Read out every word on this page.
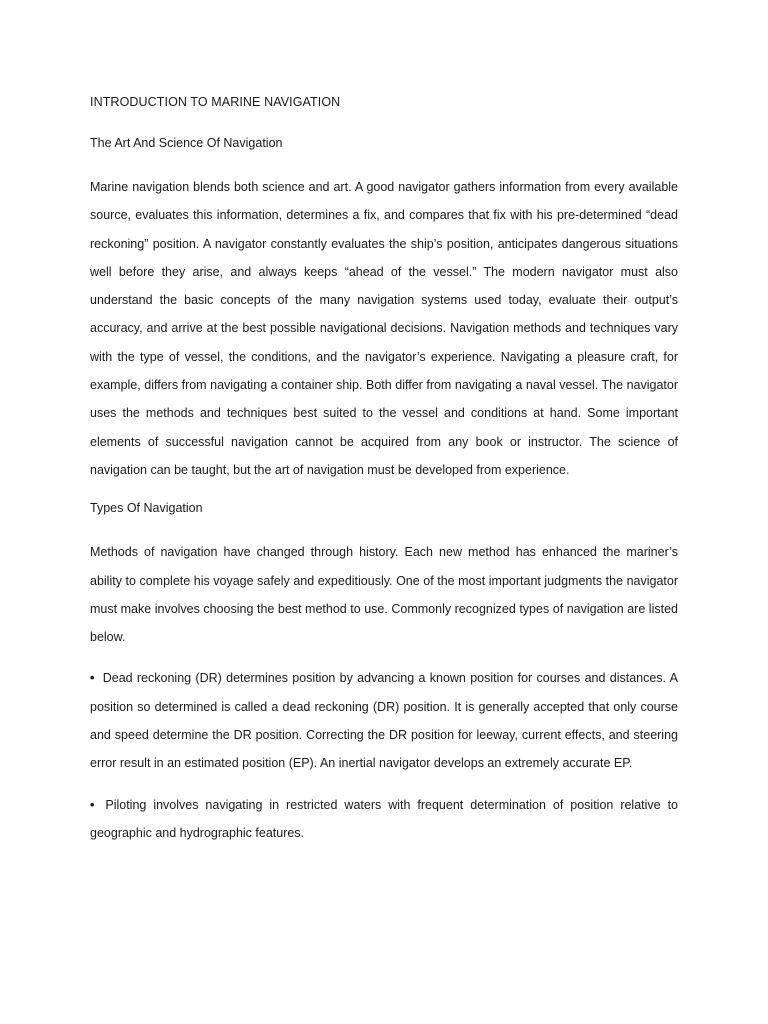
INTRODUCTION TO MARINE NAVIGATION
The Art And Science Of Navigation

Marine navigation blends both science and art. A good navigator gathers information from every available source, evaluates this information, determines a fix, and compares that fix with his pre-determined “dead reckoning” position. A navigator constantly evaluates the ship’s position, anticipates dangerous situations well before they arise, and always keeps “ahead of the vessel.” The modern navigator must also understand the basic concepts of the many navigation systems used today, evaluate their output’s accuracy, and arrive at the best possible navigational decisions. Navigation methods and techniques vary with the type of vessel, the conditions, and the navigator’s experience. Navigating a pleasure craft, for example, differs from navigating a container ship. Both differ from navigating a naval vessel. The navigator uses the methods and techniques best suited to the vessel and conditions at hand. Some important elements of successful navigation cannot be acquired from any book or instructor. The science of navigation can be taught, but the art of navigation must be developed from experience.

Types Of Navigation

Methods of navigation have changed through history. Each new method has enhanced the mariner’s ability to complete his voyage safely and expeditiously. One of the most important judgments the navigator must make involves choosing the best method to use. Commonly recognized types of navigation are listed below.

• Dead reckoning (DR) determines position by advancing a known position for courses and distances. A position so determined is called a dead reckoning (DR) position. It is generally accepted that only course and speed determine the DR position. Correcting the DR position for leeway, current effects, and steering error result in an estimated position (EP). An inertial navigator develops an extremely accurate EP.

• Piloting involves navigating in restricted waters with frequent determination of position relative to geographic and hydrographic features.
